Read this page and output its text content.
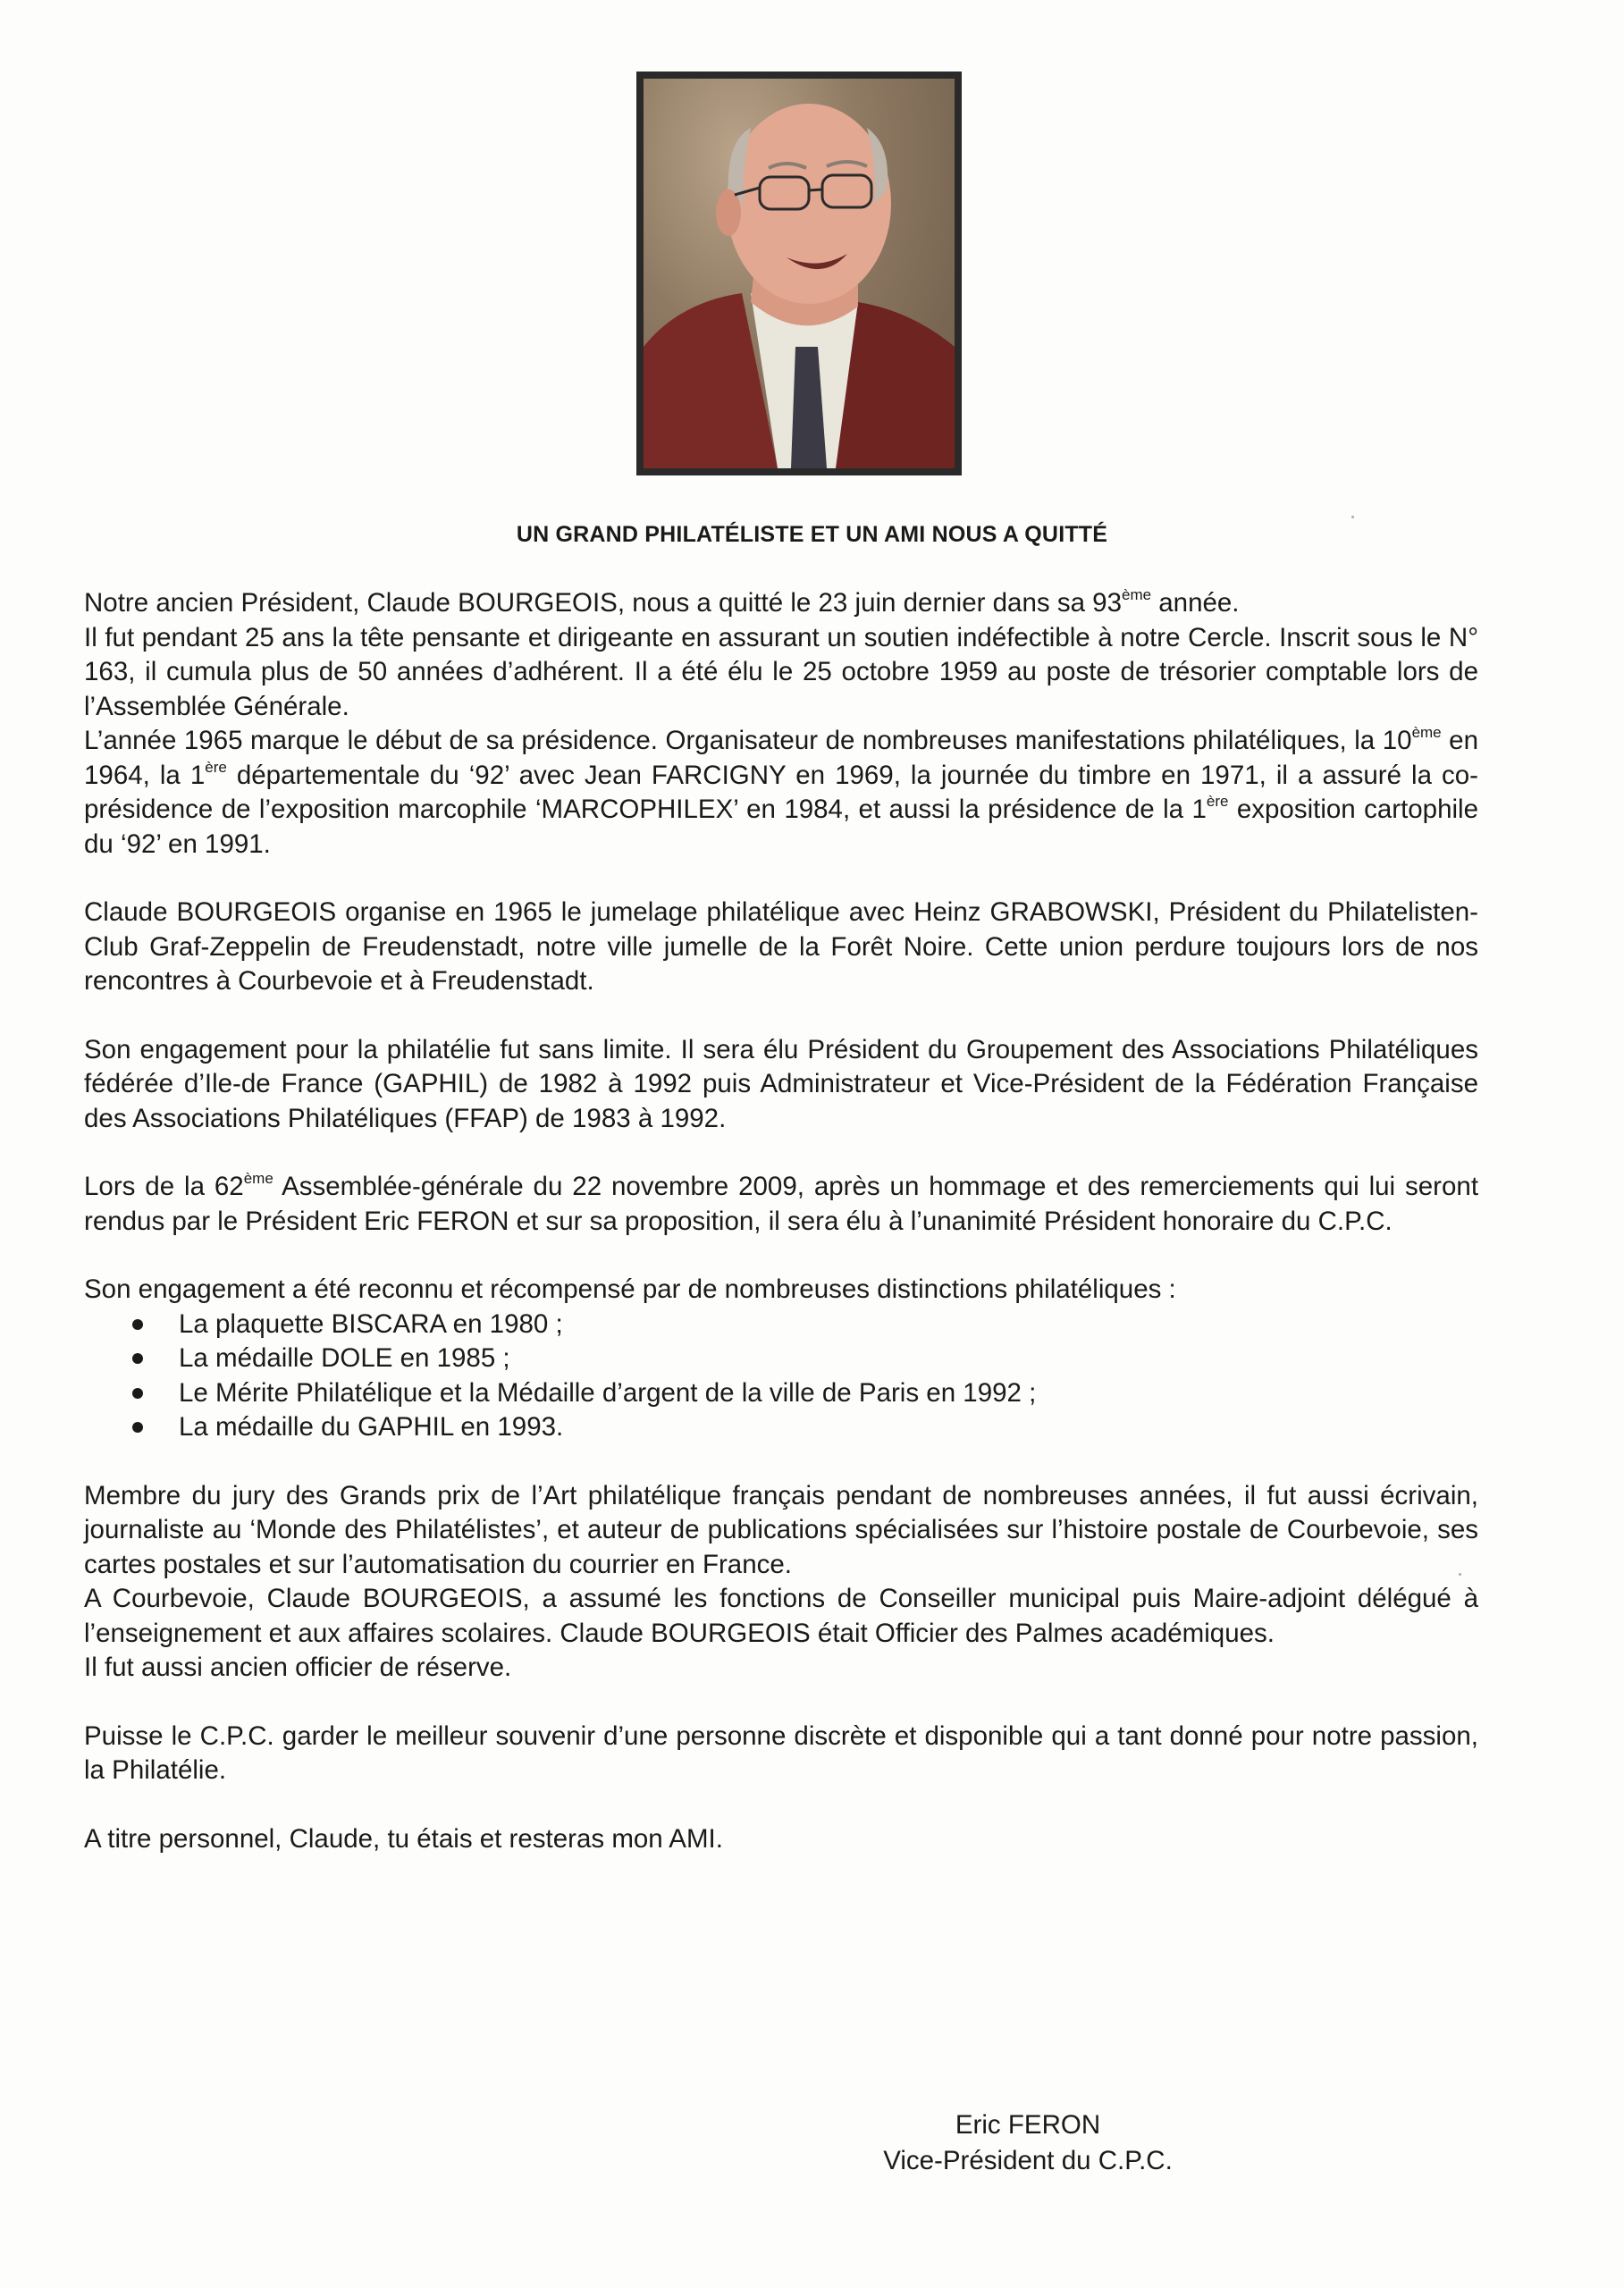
UN GRAND PHILATÉLISTE ET UN AMI NOUS A QUITTÉ

Notre ancien Président, Claude BOURGEOIS, nous a quitté le 23 juin dernier dans sa 93ème année.

Il fut pendant 25 ans la tête pensante et dirigeante en assurant un soutien indéfectible à notre Cercle. Inscrit sous le N° 163, il cumula plus de 50 années d’adhérent. Il a été élu le 25 octobre 1959 au poste de trésorier comptable lors de l’Assemblée Générale.

L’année 1965 marque le début de sa présidence. Organisateur de nombreuses manifestations philatéliques, la 10ème en 1964, la 1ère départementale du ‘92’ avec Jean FARCIGNY en 1969, la journée du timbre en 1971, il a assuré la co-présidence de l’exposition marcophile ‘MARCOPHILEX’ en 1984, et aussi la présidence de la 1ère exposition cartophile du ‘92’ en 1991.

Claude BOURGEOIS organise en 1965 le jumelage philatélique avec Heinz GRABOWSKI, Président du Philatelisten-Club Graf-Zeppelin de Freudenstadt, notre ville jumelle de la Forêt Noire. Cette union perdure toujours lors de nos rencontres à Courbevoie et à Freudenstadt.

Son engagement pour la philatélie fut sans limite. Il sera élu Président du Groupement des Associations Philatéliques fédérée d’Ile-de France (GAPHIL) de 1982 à 1992 puis Administrateur et Vice-Président de la Fédération Française des Associations Philatéliques (FFAP) de 1983 à 1992.

Lors de la 62ème Assemblée-générale du 22 novembre 2009, après un hommage et des remerciements qui lui seront rendus par le Président Eric FERON et sur sa proposition, il sera élu à l’unanimité Président honoraire du C.P.C.

Son engagement a été reconnu et récompensé par de nombreuses distinctions philatéliques :

La plaquette BISCARA en 1980 ;
La médaille DOLE en 1985 ;
Le Mérite Philatélique et la Médaille d’argent de la ville de Paris en 1992 ;
La médaille du GAPHIL en 1993.

Membre du jury des Grands prix de l’Art philatélique français pendant de nombreuses années, il fut aussi écrivain, journaliste au ‘Monde des Philatélistes’, et auteur de publications spécialisées sur l’histoire postale de Courbevoie, ses cartes postales et sur l’automatisation du courrier en France.

A Courbevoie, Claude BOURGEOIS, a assumé les fonctions de Conseiller municipal puis Maire-adjoint délégué à l’enseignement et aux affaires scolaires. Claude BOURGEOIS était Officier des Palmes académiques.

Il fut aussi ancien officier de réserve.

Puisse le C.P.C. garder le meilleur souvenir d’une personne discrète et disponible qui a tant donné pour notre passion, la Philatélie.

A titre personnel, Claude, tu étais et resteras mon AMI.

Eric FERON
Vice-Président du C.P.C.
